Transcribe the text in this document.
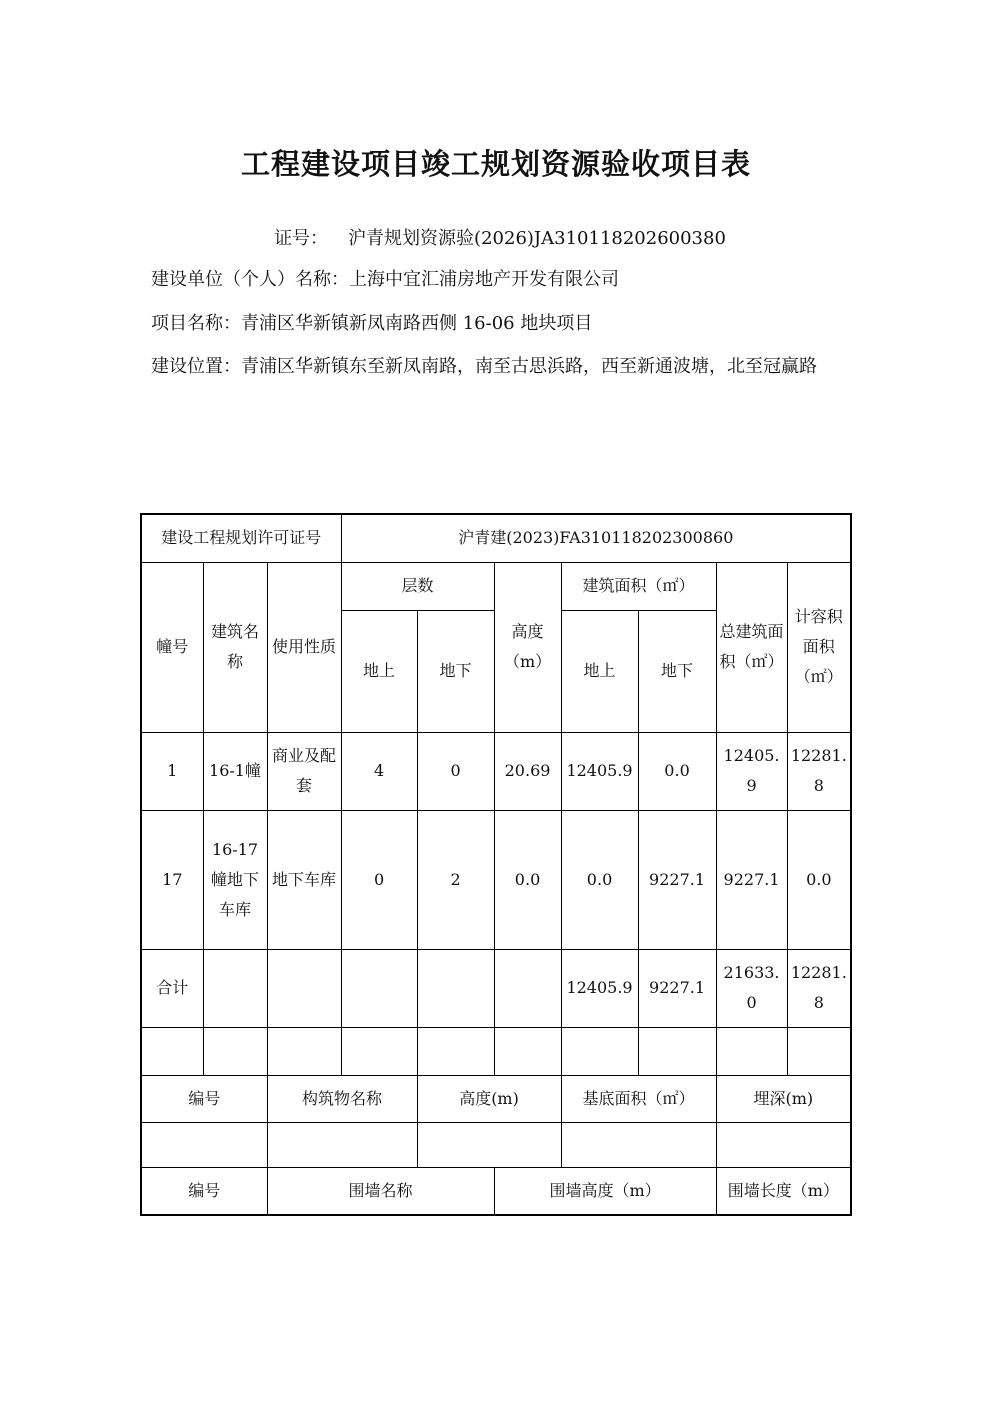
工程建设项目竣工规划资源验收项目表
证号： 沪青规划资源验(2026)JA310118202600380
建设单位（个人）名称：上海中宜汇浦房地产开发有限公司
项目名称：青浦区华新镇新凤南路西侧 16-06 地块项目
建设位置：青浦区华新镇东至新凤南路，南至古思浜路，西至新通波塘，北至冠赢路
建设工程规划许可证号			沪青建(2023)FA310118202300860						
幢号	建筑名称	使用性质	层数		高度（m）	建筑面积（㎡）		总建筑面积（㎡）	计容积面积（㎡）
			地上	地下		地上	地下		
1	16-1幢	商业及配套	4	0	20.69	12405.9	0.0	12405.9	12281.8
17	16-17幢地下车库	地下车库	0	2	0.0	0.0	9227.1	9227.1	0.0
合计						12405.9	9227.1	21633.0	12281.8

编号		构筑物名称		高度(m)		基底面积（㎡）		埋深(m)	

编号		围墙名称			围墙高度（m）			围墙长度（m）	
